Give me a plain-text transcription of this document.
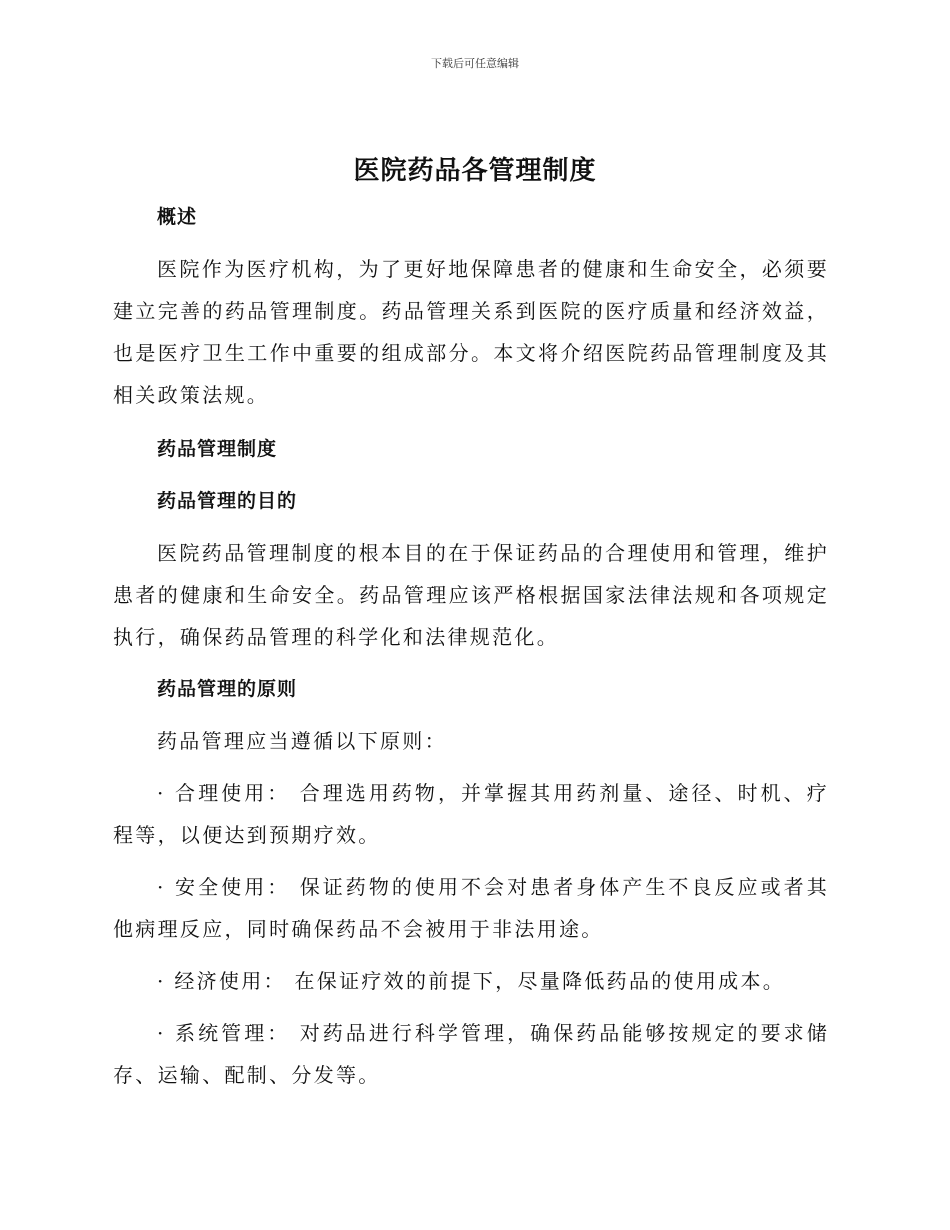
下载后可任意编辑
医院药品各管理制度

概述

医院作为医疗机构，为了更好地保障患者的健康和生命安全，必须要建立完善的药品管理制度。药品管理关系到医院的医疗质量和经济效益，也是医疗卫生工作中重要的组成部分。本文将介绍医院药品管理制度及其相关政策法规。

药品管理制度

药品管理的目的

医院药品管理制度的根本目的在于保证药品的合理使用和管理，维护患者的健康和生命安全。药品管理应该严格根据国家法律法规和各项规定执行，确保药品管理的科学化和法律规范化。

药品管理的原则

药品管理应当遵循以下原则：

· 合理使用： 合理选用药物，并掌握其用药剂量、途径、时机、疗程等，以便达到预期疗效。

· 安全使用： 保证药物的使用不会对患者身体产生不良反应或者其他病理反应，同时确保药品不会被用于非法用途。

· 经济使用： 在保证疗效的前提下，尽量降低药品的使用成本。

· 系统管理： 对药品进行科学管理，确保药品能够按规定的要求储存、运输、配制、分发等。
